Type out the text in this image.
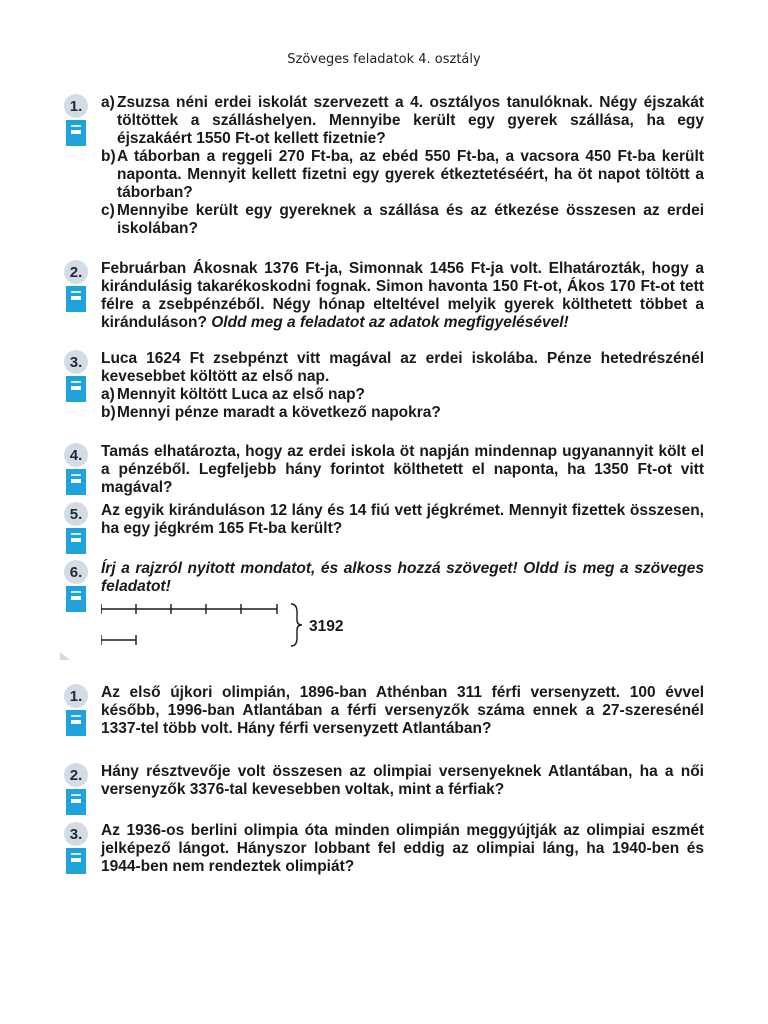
Szöveges feladatok 4. osztály
1.	a) Zsuzsa néni erdei iskolát szervezett a 4. osztályos tanulóknak. Négy éjszakát töltöttek a szálláshelyen. Mennyibe került egy gyerek szállása, ha egy éjszakáért 1550 Ft-ot kellett fizetnie?
b) A táborban a reggeli 270 Ft-ba, az ebéd 550 Ft-ba, a vacsora 450 Ft-ba került naponta. Mennyit kellett fizetni egy gyerek étkeztetéséért, ha öt napot töltött a táborban?
c) Mennyibe került egy gyereknek a szállása és az étkezése összesen az erdei iskolában?
2.	Februárban Ákosnak 1376 Ft-ja, Simonnak 1456 Ft-ja volt. Elhatározták, hogy a kirándulásig takarékoskodni fognak. Simon havonta 150 Ft-ot, Ákos 170 Ft-ot tett félre a zsebpénzéből. Négy hónap elteltével melyik gyerek költhetett többet a kiránduláson? Oldd meg a feladatot az adatok megfigyelésével!

3.	Luca 1624 Ft zsebpénzt vitt magával az erdei iskolába. Pénze hetedrészénél kevesebbet költött az első nap.

a) Mennyit költött Luca az első nap?
b) Mennyi pénze maradt a következő napokra?
4.	Tamás elhatározta, hogy az erdei iskola öt napján mindennap ugyanannyit költ el a pénzéből. Legfeljebb hány forintot költhetett el naponta, ha 1350 Ft-ot vitt magával?

5.	Az egyik kiránduláson 12 lány és 14 fiú vett jégkrémet. Mennyit fizettek összesen, ha egy jégkrém 165 Ft-ba került?

6.	Írj a rajzról nyitott mondatot, és alkoss hozzá szöveget! Oldd is meg a szöveges feladatot!

3192
1.	Az első újkori olimpián, 1896-ban Athénban 311 férfi versenyzett. 100 évvel később, 1996-ban Atlantában a férfi versenyzők száma ennek a 27-szeresénél 1337-tel több volt. Hány férfi versenyzett Atlantában?

2.	Hány résztvevője volt összesen az olimpiai versenyeknek Atlantában, ha a női versenyzők 3376-tal kevesebben voltak, mint a férfiak?

3.	Az 1936-os berlini olimpia óta minden olimpián meggyújtják az olimpiai eszmét jelképező lángot. Hányszor lobbant fel eddig az olimpiai láng, ha 1940-ben és 1944-ben nem rendeztek olimpiát?
